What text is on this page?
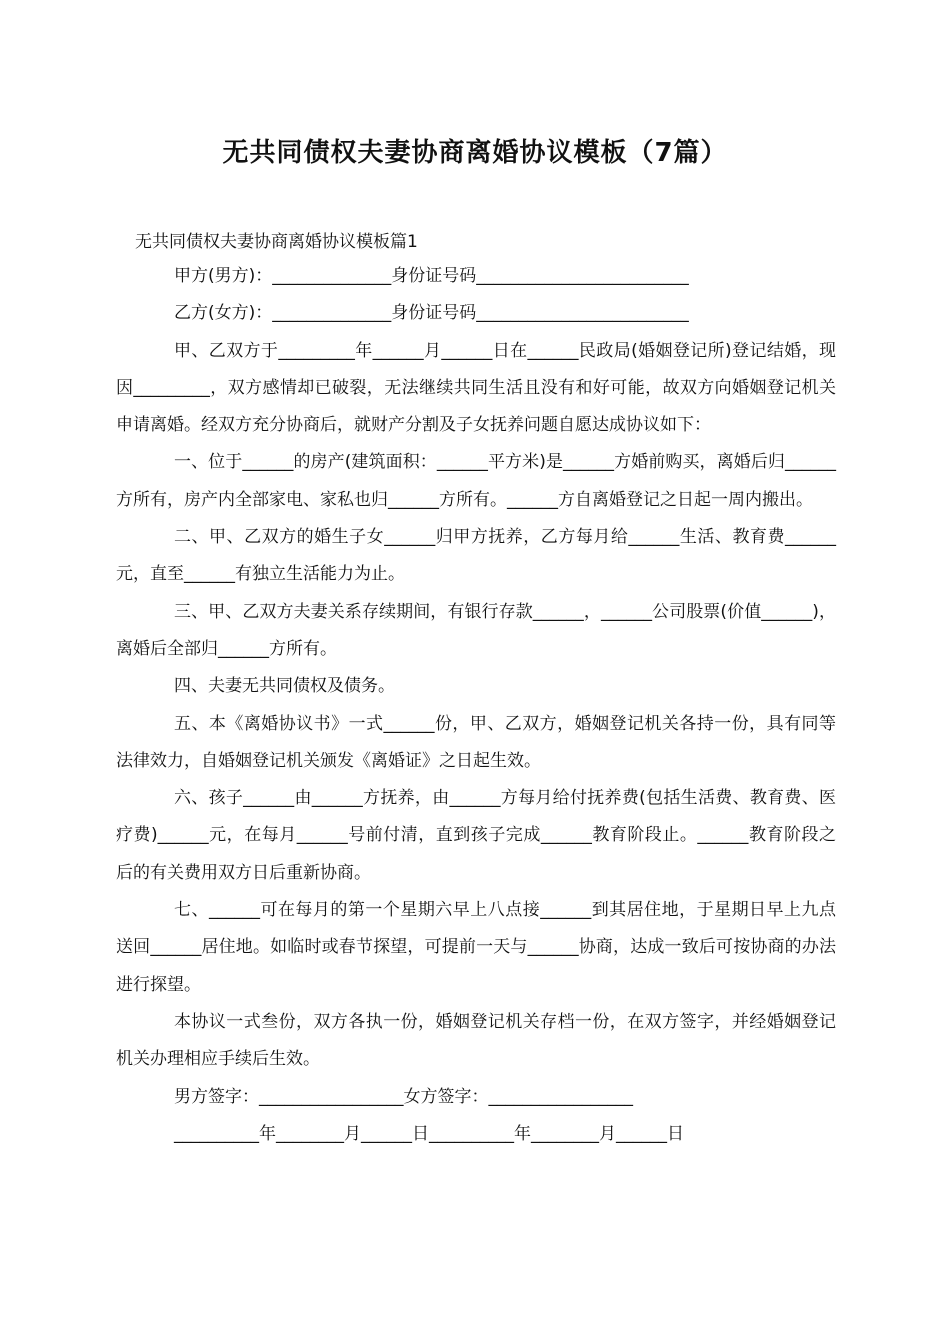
无共同债权夫妻协商离婚协议模板（7篇）

无共同债权夫妻协商离婚协议模板篇1

甲方(男方)：______________身份证号码_________________________

乙方(女方)：______________身份证号码_________________________

甲、乙双方于_________年______月______日在______民政局(婚姻登记所)登记结婚，现因_________，双方感情却已破裂，无法继续共同生活且没有和好可能，故双方向婚姻登记机关申请离婚。经双方充分协商后，就财产分割及子女抚养问题自愿达成协议如下：

一、位于______的房产(建筑面积：______平方米)是______方婚前购买，离婚后归______方所有，房产内全部家电、家私也归______方所有。______方自离婚登记之日起一周内搬出。

二、甲、乙双方的婚生子女______归甲方抚养，乙方每月给______生活、教育费______元，直至______有独立生活能力为止。

三、甲、乙双方夫妻关系存续期间，有银行存款______，______公司股票(价值______)，离婚后全部归______方所有。

四、夫妻无共同债权及债务。

五、本《离婚协议书》一式______份，甲、乙双方，婚姻登记机关各持一份，具有同等法律效力，自婚姻登记机关颁发《离婚证》之日起生效。

六、孩子______由______方抚养，由______方每月给付抚养费(包括生活费、教育费、医疗费)______元，在每月______号前付清，直到孩子完成______教育阶段止。______教育阶段之后的有关费用双方日后重新协商。

七、______可在每月的第一个星期六早上八点接______到其居住地，于星期日早上九点送回______居住地。如临时或春节探望，可提前一天与______协商，达成一致后可按协商的办法进行探望。

本协议一式叁份，双方各执一份，婚姻登记机关存档一份，在双方签字，并经婚姻登记机关办理相应手续后生效。

男方签字：_________________女方签字：_________________

__________年________月______日__________年________月______日
